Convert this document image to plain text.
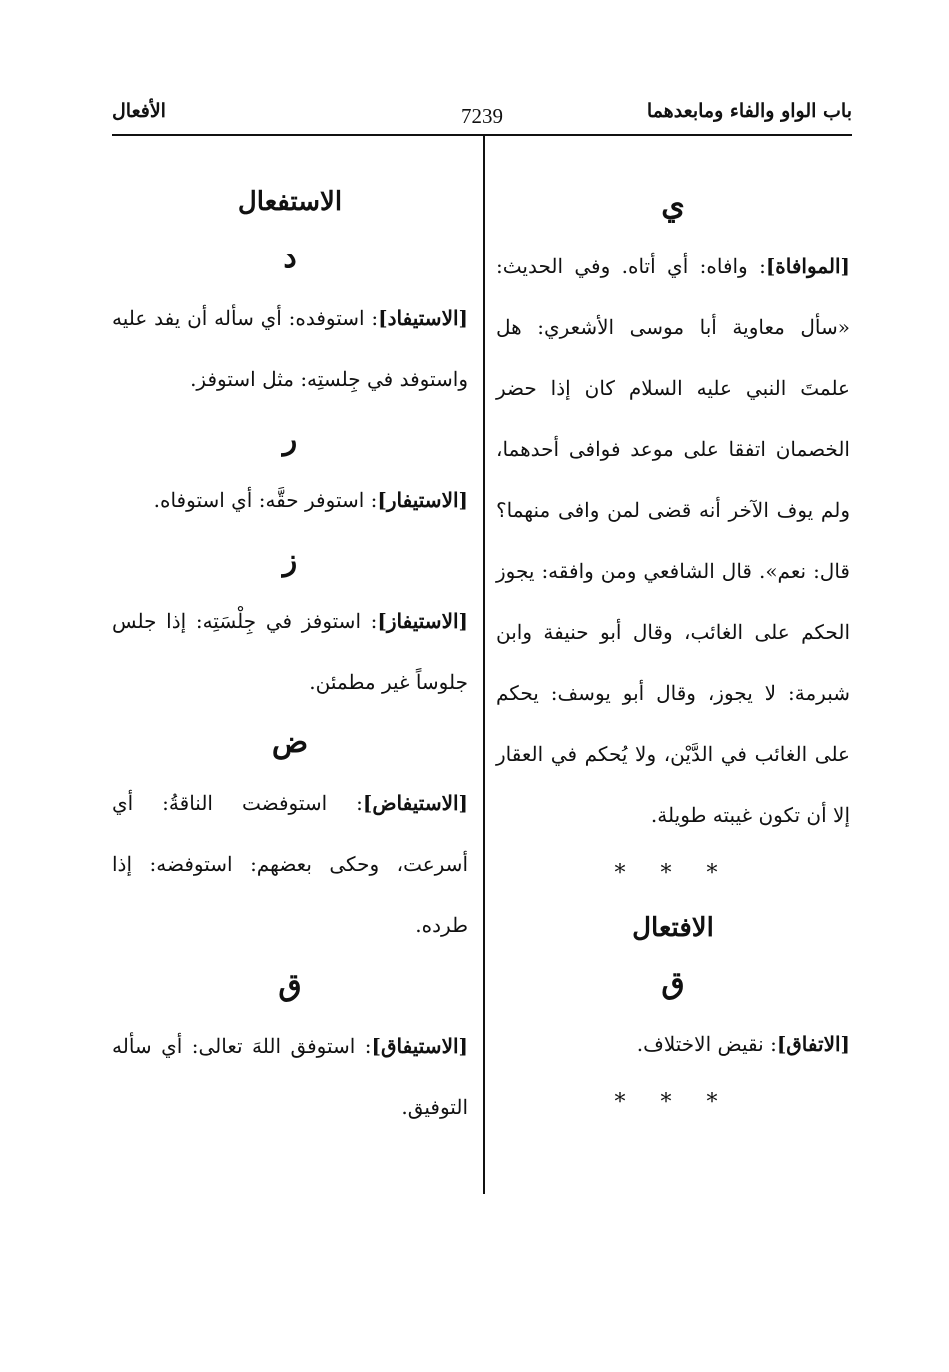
باب الواو والفاء ومابعدهما
7239
الأفعال
ي

[الموافاة]: وافاه: أي أتاه. وفي الحديث: «سأل معاوية أبا موسى الأشعري: هل علمتَ النبي عليه السلام كان إذا حضر الخصمان اتفقا على موعد فوافى أحدهما، ولم يوف الآخر أنه قضى لمن وافى منهما؟ قال: نعم». قال الشافعي ومن وافقه: يجوز الحكم على الغائب، وقال أبو حنيفة وابن شبرمة: لا يجوز، وقال أبو يوسف: يحكم على الغائب في الدَّيْن، ولا يُحكم في العقار إلا أن تكون غيبته طويلة.

* * *
الافتعال
ق

[الاتفاق]: نقيض الاختلاف.

* * *
الاستفعال
د

[الاستيفاد]: استوفده: أي سأله أن يفد عليه واستوفد في جِلستِه: مثل استوفز.

ر

[الاستيفار]: استوفر حقَّه: أي استوفاه.

ز

[الاستيفاز]: استوفز في جِلْسَتِه: إذا جلس جلوساً غير مطمئن.

ض

[الاستيفاض]: استوفضت الناقةُ: أي أسرعت، وحكى بعضهم: استوفضه: إذا طرده.

ق

[الاستيفاق]: استوفق اللهَ تعالى: أي سأله التوفيق.
